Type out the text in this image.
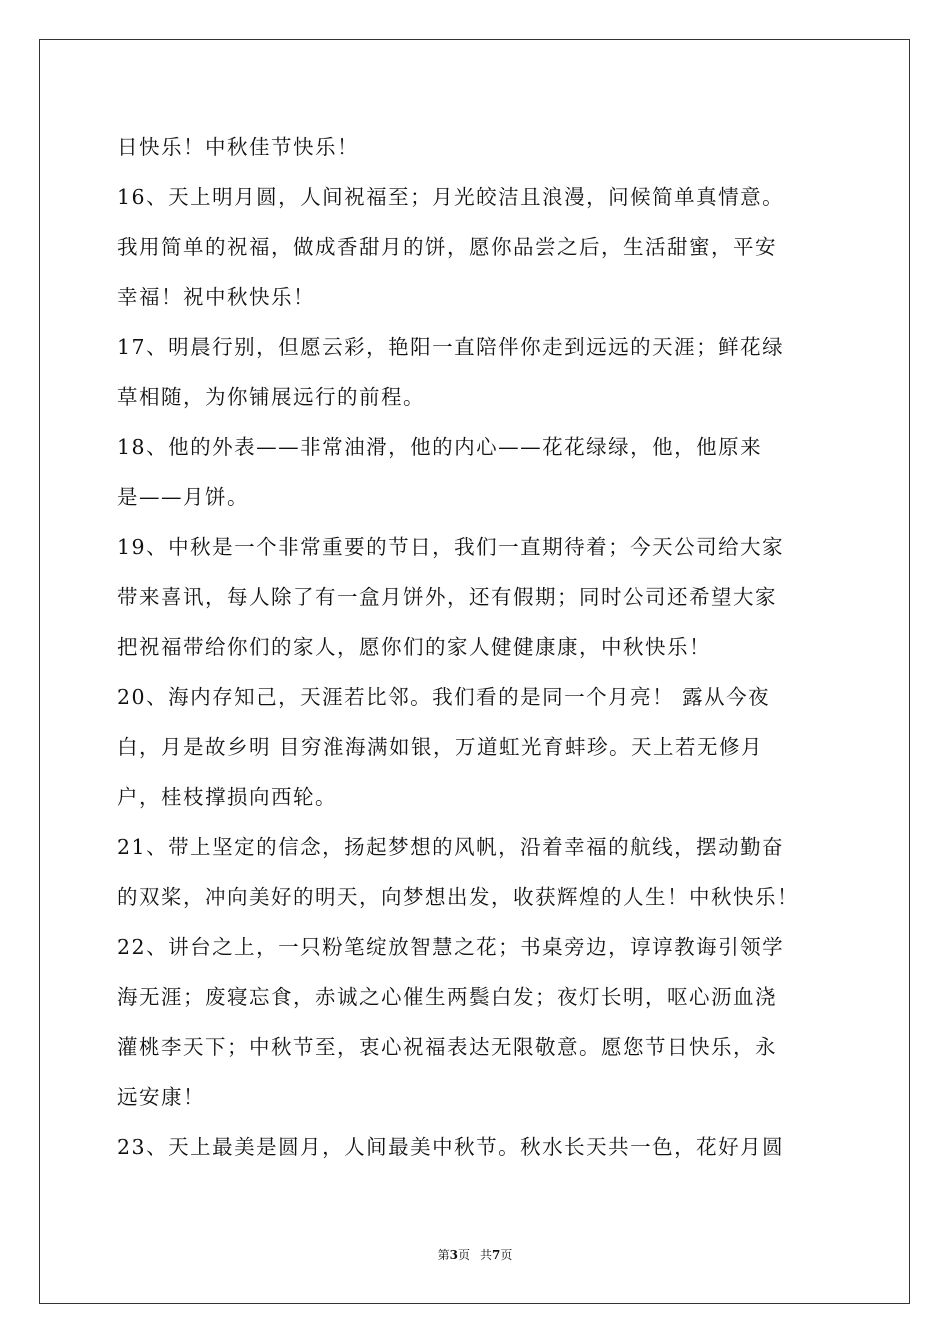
日快乐！中秋佳节快乐！
16、天上明月圆，人间祝福至；月光皎洁且浪漫，问候简单真情意。
我用简单的祝福，做成香甜月的饼，愿你品尝之后，生活甜蜜，平安
幸福！祝中秋快乐！
17、明晨行别，但愿云彩，艳阳一直陪伴你走到远远的天涯；鲜花绿
草相随，为你铺展远行的前程。
18、他的外表——非常油滑，他的内心——花花绿绿，他，他原来
是——月饼。
19、中秋是一个非常重要的节日，我们一直期待着；今天公司给大家
带来喜讯，每人除了有一盒月饼外，还有假期；同时公司还希望大家
把祝福带给你们的家人，愿你们的家人健健康康，中秋快乐！
20、海内存知己，天涯若比邻。我们看的是同一个月亮！ 露从今夜
白，月是故乡明 目穷淮海满如银，万道虹光育蚌珍。天上若无修月
户，桂枝撑损向西轮。
21、带上坚定的信念，扬起梦想的风帆，沿着幸福的航线，摆动勤奋
的双桨，冲向美好的明天，向梦想出发，收获辉煌的人生！中秋快乐！
22、讲台之上，一只粉笔绽放智慧之花；书桌旁边，谆谆教诲引领学
海无涯；废寝忘食，赤诚之心催生两鬓白发；夜灯长明，呕心沥血浇
灌桃李天下；中秋节至，衷心祝福表达无限敬意。愿您节日快乐，永
远安康！
23、天上最美是圆月，人间最美中秋节。秋水长天共一色，花好月圆
第3页 共7页
